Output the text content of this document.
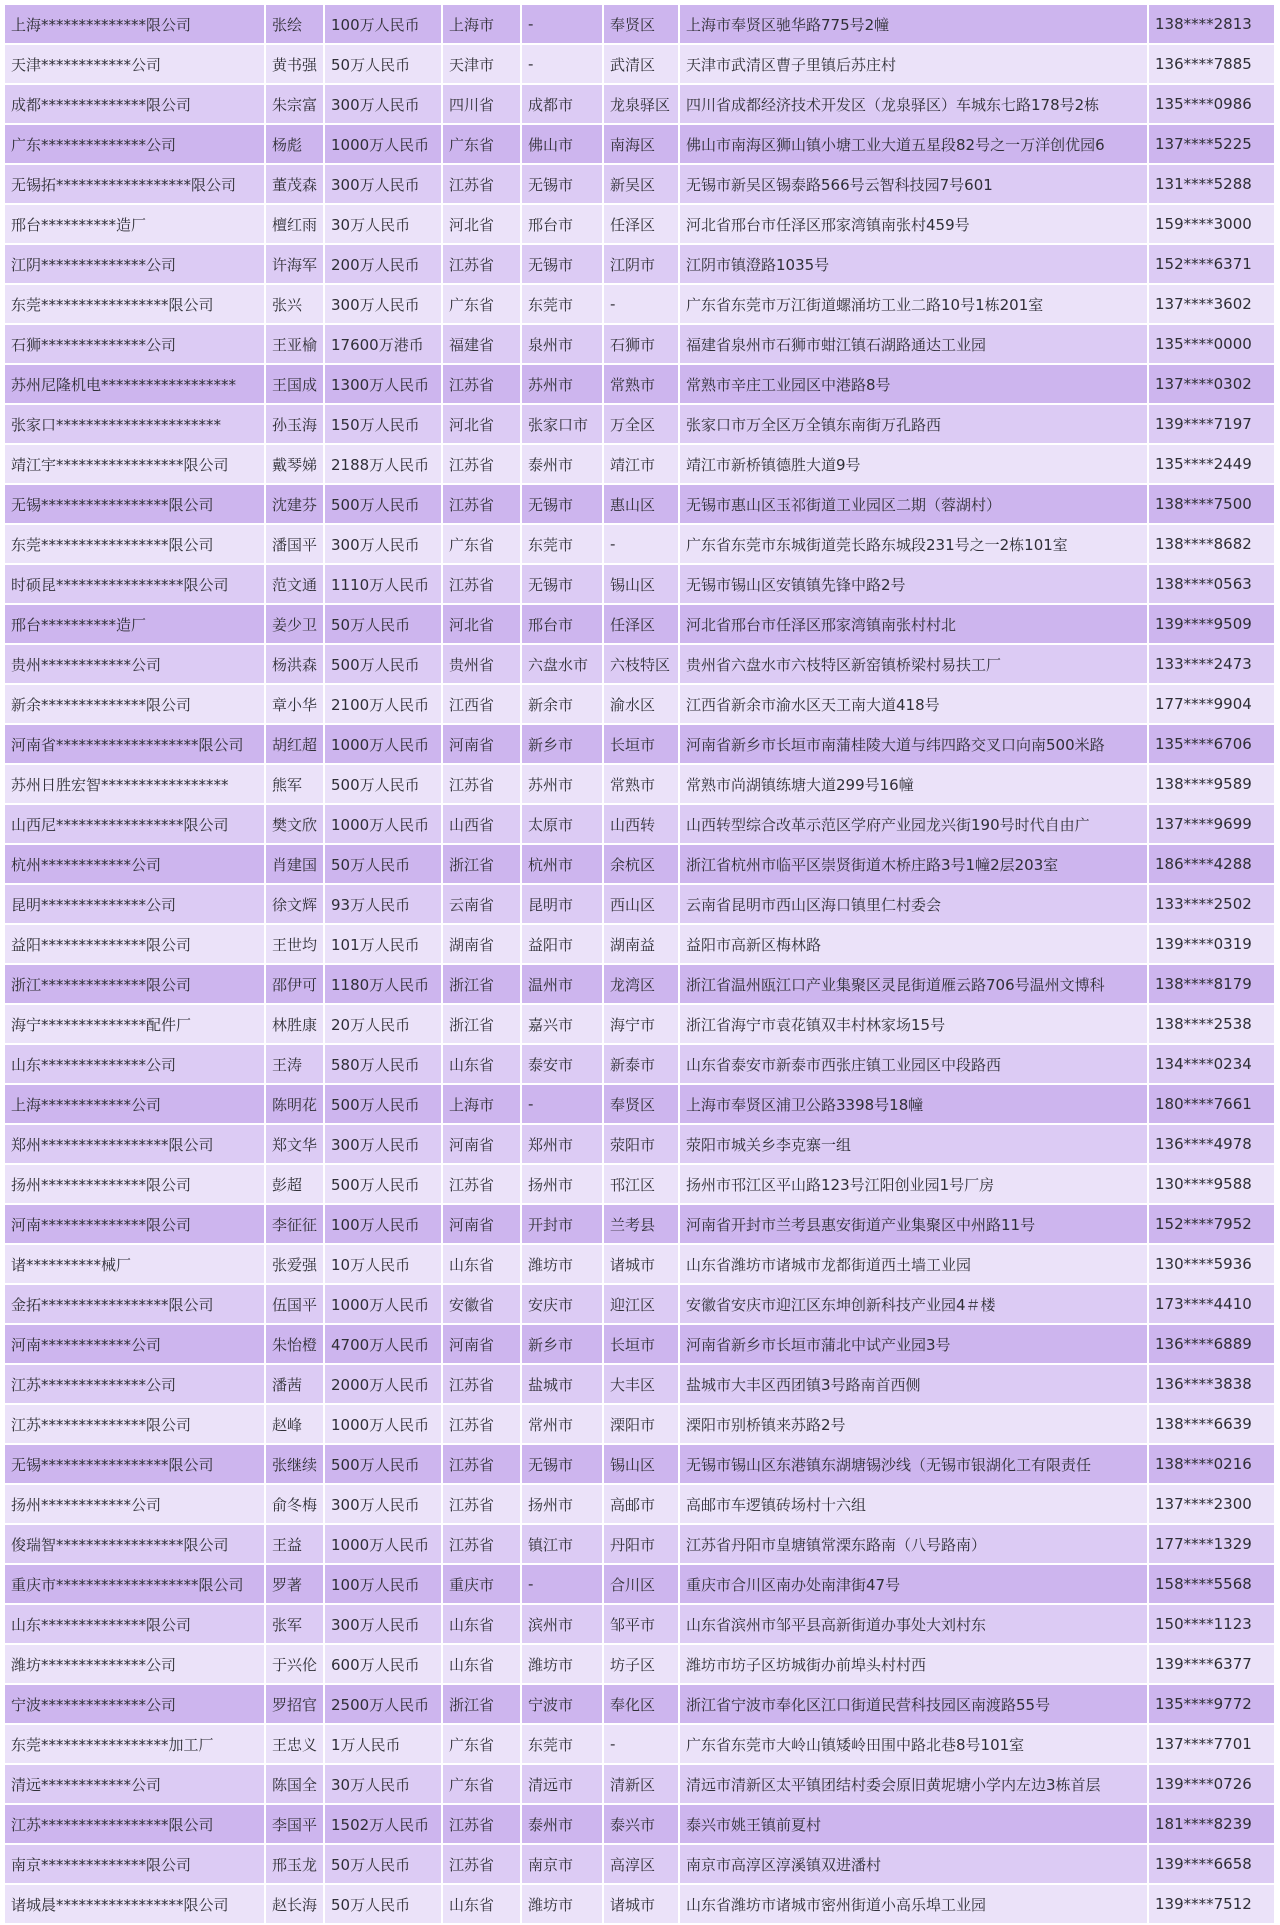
上海**************限公司	张绘	100万人民币	上海市	-	奉贤区	上海市奉贤区驰华路775号2幢	138****2813
天津************公司	黄书强	50万人民币	天津市	-	武清区	天津市武清区曹子里镇后苏庄村	136****7885
成都**************限公司	朱宗富	300万人民币	四川省	成都市	龙泉驿区	四川省成都经济技术开发区（龙泉驿区）车城东七路178号2栋	135****0986
广东**************公司	杨彪	1000万人民币	广东省	佛山市	南海区	佛山市南海区狮山镇小塘工业大道五星段82号之一万洋创优园6	137****5225
无锡拓******************限公司	董茂森	300万人民币	江苏省	无锡市	新吴区	无锡市新吴区锡泰路566号云智科技园7号601	131****5288
邢台**********造厂	檀红雨	30万人民币	河北省	邢台市	任泽区	河北省邢台市任泽区邢家湾镇南张村459号	159****3000
江阴**************公司	许海军	200万人民币	江苏省	无锡市	江阴市	江阴市镇澄路1035号	152****6371
东莞*****************限公司	张兴	300万人民币	广东省	东莞市	-	广东省东莞市万江街道螺涌坊工业二路10号1栋201室	137****3602
石狮**************公司	王亚榆	17600万港币	福建省	泉州市	石狮市	福建省泉州市石狮市蚶江镇石湖路通达工业园	135****0000
苏州尼隆机电******************	王国成	1300万人民币	江苏省	苏州市	常熟市	常熟市辛庄工业园区中港路8号	137****0302
张家口**********************	孙玉海	150万人民币	河北省	张家口市	万全区	张家口市万全区万全镇东南街万孔路西	139****7197
靖江宇*****************限公司	戴琴娣	2188万人民币	江苏省	泰州市	靖江市	靖江市新桥镇德胜大道9号	135****2449
无锡*****************限公司	沈建芬	500万人民币	江苏省	无锡市	惠山区	无锡市惠山区玉祁街道工业园区二期（蓉湖村）	138****7500
东莞*****************限公司	潘国平	300万人民币	广东省	东莞市	-	广东省东莞市东城街道莞长路东城段231号之一2栋101室	138****8682
时硕昆*****************限公司	范文通	1110万人民币	江苏省	无锡市	锡山区	无锡市锡山区安镇镇先锋中路2号	138****0563
邢台**********造厂	姜少卫	50万人民币	河北省	邢台市	任泽区	河北省邢台市任泽区邢家湾镇南张村村北	139****9509
贵州************公司	杨洪森	500万人民币	贵州省	六盘水市	六枝特区	贵州省六盘水市六枝特区新窑镇桥梁村易扶工厂	133****2473
新余**************限公司	章小华	2100万人民币	江西省	新余市	渝水区	江西省新余市渝水区天工南大道418号	177****9904
河南省*******************限公司	胡红超	1000万人民币	河南省	新乡市	长垣市	河南省新乡市长垣市南蒲桂陵大道与纬四路交叉口向南500米路	135****6706
苏州日胜宏智*****************	熊军	500万人民币	江苏省	苏州市	常熟市	常熟市尚湖镇练塘大道299号16幢	138****9589
山西尼*****************限公司	樊文欣	1000万人民币	山西省	太原市	山西转	山西转型综合改革示范区学府产业园龙兴街190号时代自由广	137****9699
杭州************公司	肖建国	50万人民币	浙江省	杭州市	余杭区	浙江省杭州市临平区崇贤街道木桥庄路3号1幢2层203室	186****4288
昆明**************公司	徐文辉	93万人民币	云南省	昆明市	西山区	云南省昆明市西山区海口镇里仁村委会	133****2502
益阳**************限公司	王世均	101万人民币	湖南省	益阳市	湖南益	益阳市高新区梅林路	139****0319
浙江**************限公司	邵伊可	1180万人民币	浙江省	温州市	龙湾区	浙江省温州瓯江口产业集聚区灵昆街道雁云路706号温州文博科	138****8179
海宁**************配件厂	林胜康	20万人民币	浙江省	嘉兴市	海宁市	浙江省海宁市袁花镇双丰村林家场15号	138****2538
山东**************公司	王涛	580万人民币	山东省	泰安市	新泰市	山东省泰安市新泰市西张庄镇工业园区中段路西	134****0234
上海************公司	陈明花	500万人民币	上海市	-	奉贤区	上海市奉贤区浦卫公路3398号18幢	180****7661
郑州*****************限公司	郑文华	300万人民币	河南省	郑州市	荥阳市	荥阳市城关乡李克寨一组	136****4978
扬州**************限公司	彭超	500万人民币	江苏省	扬州市	邗江区	扬州市邗江区平山路123号江阳创业园1号厂房	130****9588
河南**************限公司	李征征	100万人民币	河南省	开封市	兰考县	河南省开封市兰考县惠安街道产业集聚区中州路11号	152****7952
诸**********械厂	张爱强	10万人民币	山东省	潍坊市	诸城市	山东省潍坊市诸城市龙都街道西土墙工业园	130****5936
金拓*****************限公司	伍国平	1000万人民币	安徽省	安庆市	迎江区	安徽省安庆市迎江区东坤创新科技产业园4＃楼	173****4410
河南************公司	朱怡橙	4700万人民币	河南省	新乡市	长垣市	河南省新乡市长垣市蒲北中试产业园3号	136****6889
江苏**************公司	潘茜	2000万人民币	江苏省	盐城市	大丰区	盐城市大丰区西团镇3号路南首西侧	136****3838
江苏**************限公司	赵峰	1000万人民币	江苏省	常州市	溧阳市	溧阳市别桥镇来苏路2号	138****6639
无锡*****************限公司	张继续	500万人民币	江苏省	无锡市	锡山区	无锡市锡山区东港镇东湖塘锡沙线（无锡市银湖化工有限责任	138****0216
扬州************公司	俞冬梅	300万人民币	江苏省	扬州市	高邮市	高邮市车逻镇砖场村十六组	137****2300
俊瑞智*****************限公司	王益	1000万人民币	江苏省	镇江市	丹阳市	江苏省丹阳市皇塘镇常溧东路南（八号路南）	177****1329
重庆市*******************限公司	罗著	100万人民币	重庆市	-	合川区	重庆市合川区南办处南津街47号	158****5568
山东**************限公司	张军	300万人民币	山东省	滨州市	邹平市	山东省滨州市邹平县高新街道办事处大刘村东	150****1123
潍坊**************公司	于兴伦	600万人民币	山东省	潍坊市	坊子区	潍坊市坊子区坊城街办前埠头村村西	139****6377
宁波**************公司	罗招官	2500万人民币	浙江省	宁波市	奉化区	浙江省宁波市奉化区江口街道民营科技园区南渡路55号	135****9772
东莞*****************加工厂	王忠义	1万人民币	广东省	东莞市	-	广东省东莞市大岭山镇矮岭田围中路北巷8号101室	137****7701
清远************公司	陈国全	30万人民币	广东省	清远市	清新区	清远市清新区太平镇团结村委会原旧黄坭塘小学内左边3栋首层	139****0726
江苏*****************限公司	李国平	1502万人民币	江苏省	泰州市	泰兴市	泰兴市姚王镇前夏村	181****8239
南京**************限公司	邢玉龙	50万人民币	江苏省	南京市	高淳区	南京市高淳区淳溪镇双进潘村	139****6658
诸城晨*****************限公司	赵长海	50万人民币	山东省	潍坊市	诸城市	山东省潍坊市诸城市密州街道小高乐埠工业园	139****7512
